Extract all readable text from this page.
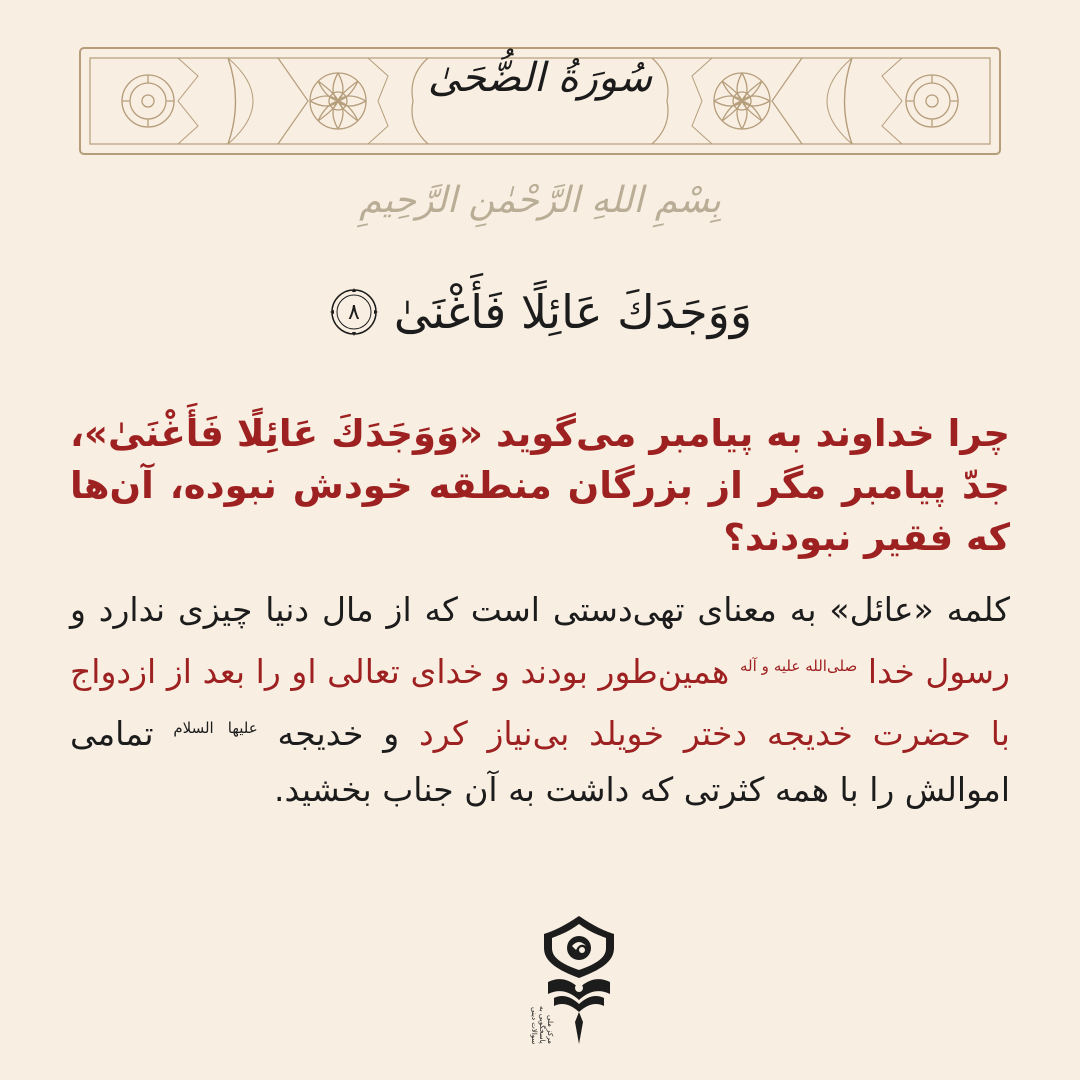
سُورَةُ الضُّحَىٰ
بِسْمِ اللهِ الرَّحْمٰنِ الرَّحِيمِ
وَوَجَدَكَ عَائِلًا فَأَغْنَىٰ
٨
چرا خداوند به پیامبر می‌گوید «وَوَجَدَكَ عَائِلًا فَأَغْنَىٰ»، جدّ پیامبر مگر از بزرگان منطقه خودش نبوده، آن‌ها که فقیر نبودند؟
کلمه «عائل» به معنای تهی‌دستی است که از مال دنیا چیزی ندارد و رسول خدا $^{صلی‌الله علیه و آله}$ همین‌طور بودند و خدای تعالی او را بعد از ازدواج با حضرت خدیجه دختر خویلد بی‌نیاز کرد و خدیجه $^{علیها السلام}$ تمامی اموالش را با همه کثرتی که داشت به آن جناب بخشید.
مرکز ملی پاسخگویی به سوالات دینی
